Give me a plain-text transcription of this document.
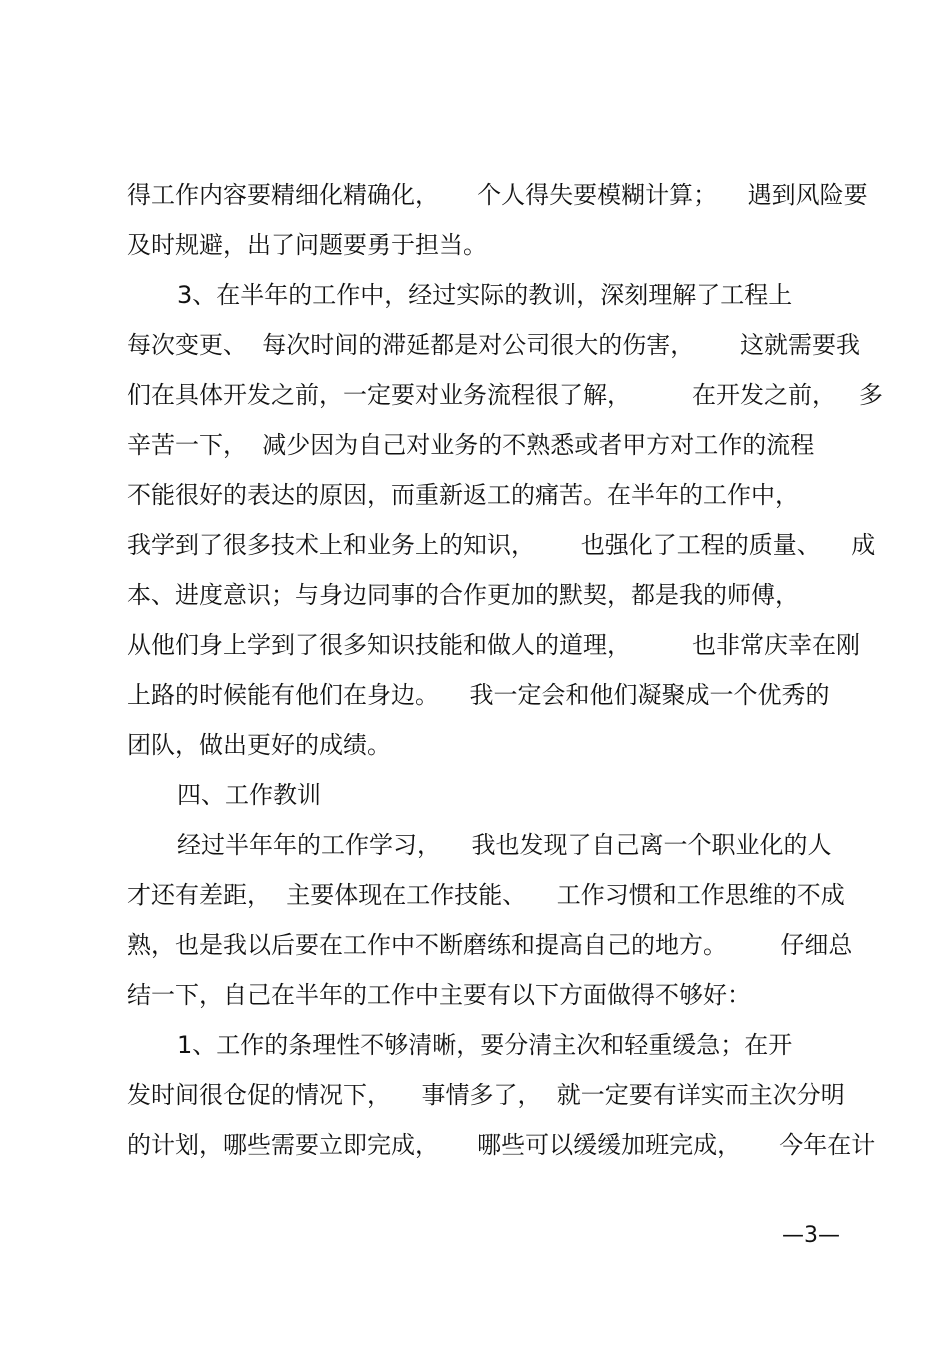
得工作内容要精细化精确化，     个人得失要模糊计算；    遇到风险要
及时规避，出了问题要勇于担当。
3、在半年的工作中，经过实际的教训，深刻理解了工程上
每次变更、  每次时间的滞延都是对公司很大的伤害，      这就需要我
们在具体开发之前，一定要对业务流程很了解，        在开发之前，   多
辛苦一下，  减少因为自己对业务的不熟悉或者甲方对工作的流程
不能很好的表达的原因，而重新返工的痛苦。在半年的工作中，
我学到了很多技术上和业务上的知识，      也强化了工程的质量、    成
本、进度意识；与身边同事的合作更加的默契，都是我的师傅，
从他们身上学到了很多知识技能和做人的道理，        也非常庆幸在刚
上路的时候能有他们在身边。    我一定会和他们凝聚成一个优秀的
团队，做出更好的成绩。
四、工作教训
经过半年年的工作学习，    我也发现了自己离一个职业化的人
才还有差距，  主要体现在工作技能、    工作习惯和工作思维的不成
熟，也是我以后要在工作中不断磨练和提高自己的地方。       仔细总
结一下，自己在半年的工作中主要有以下方面做得不够好：
1、工作的条理性不够清晰，要分清主次和轻重缓急；在开
发时间很仓促的情况下，    事情多了，  就一定要有详实而主次分明
的计划，哪些需要立即完成，     哪些可以缓缓加班完成，     今年在计
—3—
